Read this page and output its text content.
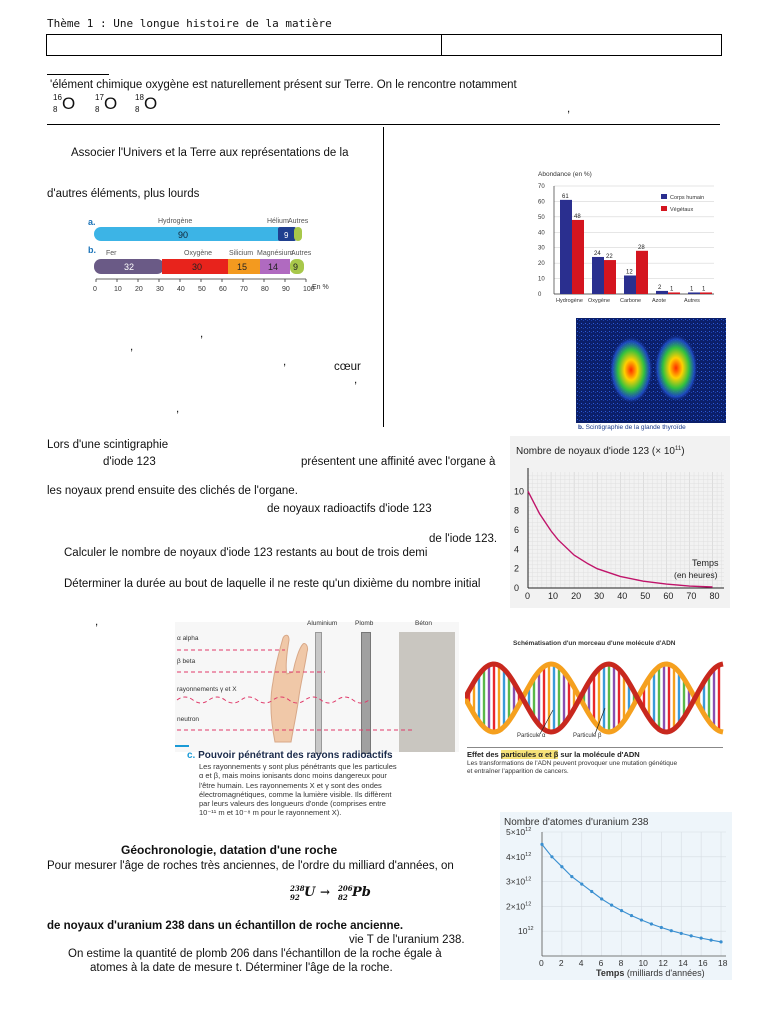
Thème 1 : Une longue histoire de la matière
'élément chimique oxygène est naturellement présent sur Terre. On le rencontre notamment
16
8 O 17
8 O 18
8 O	,
Associer l'Univers et la Terre aux représentations de la
d'autres éléments, plus lourds
,
,
,	cœur
,
,
a.	Hydrogène	Hélium Autres
90	9
b. Fer	Oxygène Silicium Magnésium
Autres
32	30	15 14 9
0 10 20 30 40 50 60 70 80 90 100
En %
Abondance (en %)
0
10
20
30
40
50
60
70
61
48
Hydrogène
24
22
Oxygène
12
28
Carbone
2 1
Azote
1 1
Autres
Corps humain
Végétaux
b. Scintigraphie de la glande thyroïde
Lors d'une scintigraphie
d'iode 123	présentent une affinité avec l'organe à
les noyaux prend ensuite des clichés de l'organe.
de noyaux radioactifs d'iode 123
de l'iode 123.
Calculer le nombre de noyaux d'iode 123 restants au bout de trois demi
Déterminer la durée au bout de laquelle il ne reste qu'un dixième du nombre initial
,
Nombre de noyaux d'iode 123 (× $10^{11}$)
0
2
4
6
8
10
0 10 20 30 40 50 60 70 80
Temps
(en heures)
Aluminium	Plomb	Béton
α alpha
β beta
rayonnements γ et X
neutron
c. Pouvoir pénétrant des rayons radioactifs
Les rayonnements γ sont plus pénétrants que les particules
α et β, mais moins ionisants donc moins dangereux pour
l'être humain. Les rayonnements X et γ sont des ondes
électromagnétiques, comme la lumière visible. Ils diffèrent
par leurs valeurs des longueurs d'onde (comprises entre
10⁻¹¹ m et 10⁻⁸ m pour le rayonnement X).
Schématisation d'un morceau d'une molécule d'ADN
Particule α	Particule β
Effet des particules α et β sur la molécule d'ADN
Les transformations de l'ADN peuvent provoquer une mutation génétique
et entraîner l'apparition de cancers.
Géochronologie, datation d'une roche
Pour mesurer l'âge de roches très anciennes, de l'ordre du milliard d'années, on
238
92 U → 206
82 Pb
de noyaux d'uranium 238 dans un échantillon de roche ancienne.
vie T de l'uranium 238.
On estime la quantité de plomb 206 dans l'échantillon de la roche égale à
atomes à la date de mesure t. Déterminer l'âge de la roche.
Nombre d'atomes d'uranium 238
$5\times 10^{12}$
$4\times 10^{12}$
$3\times 10^{12}$
$2\times 10^{12}$
$10^{12}$
0 2 4 6 8 10 12 14 16 18
Temps (milliards d'années)
